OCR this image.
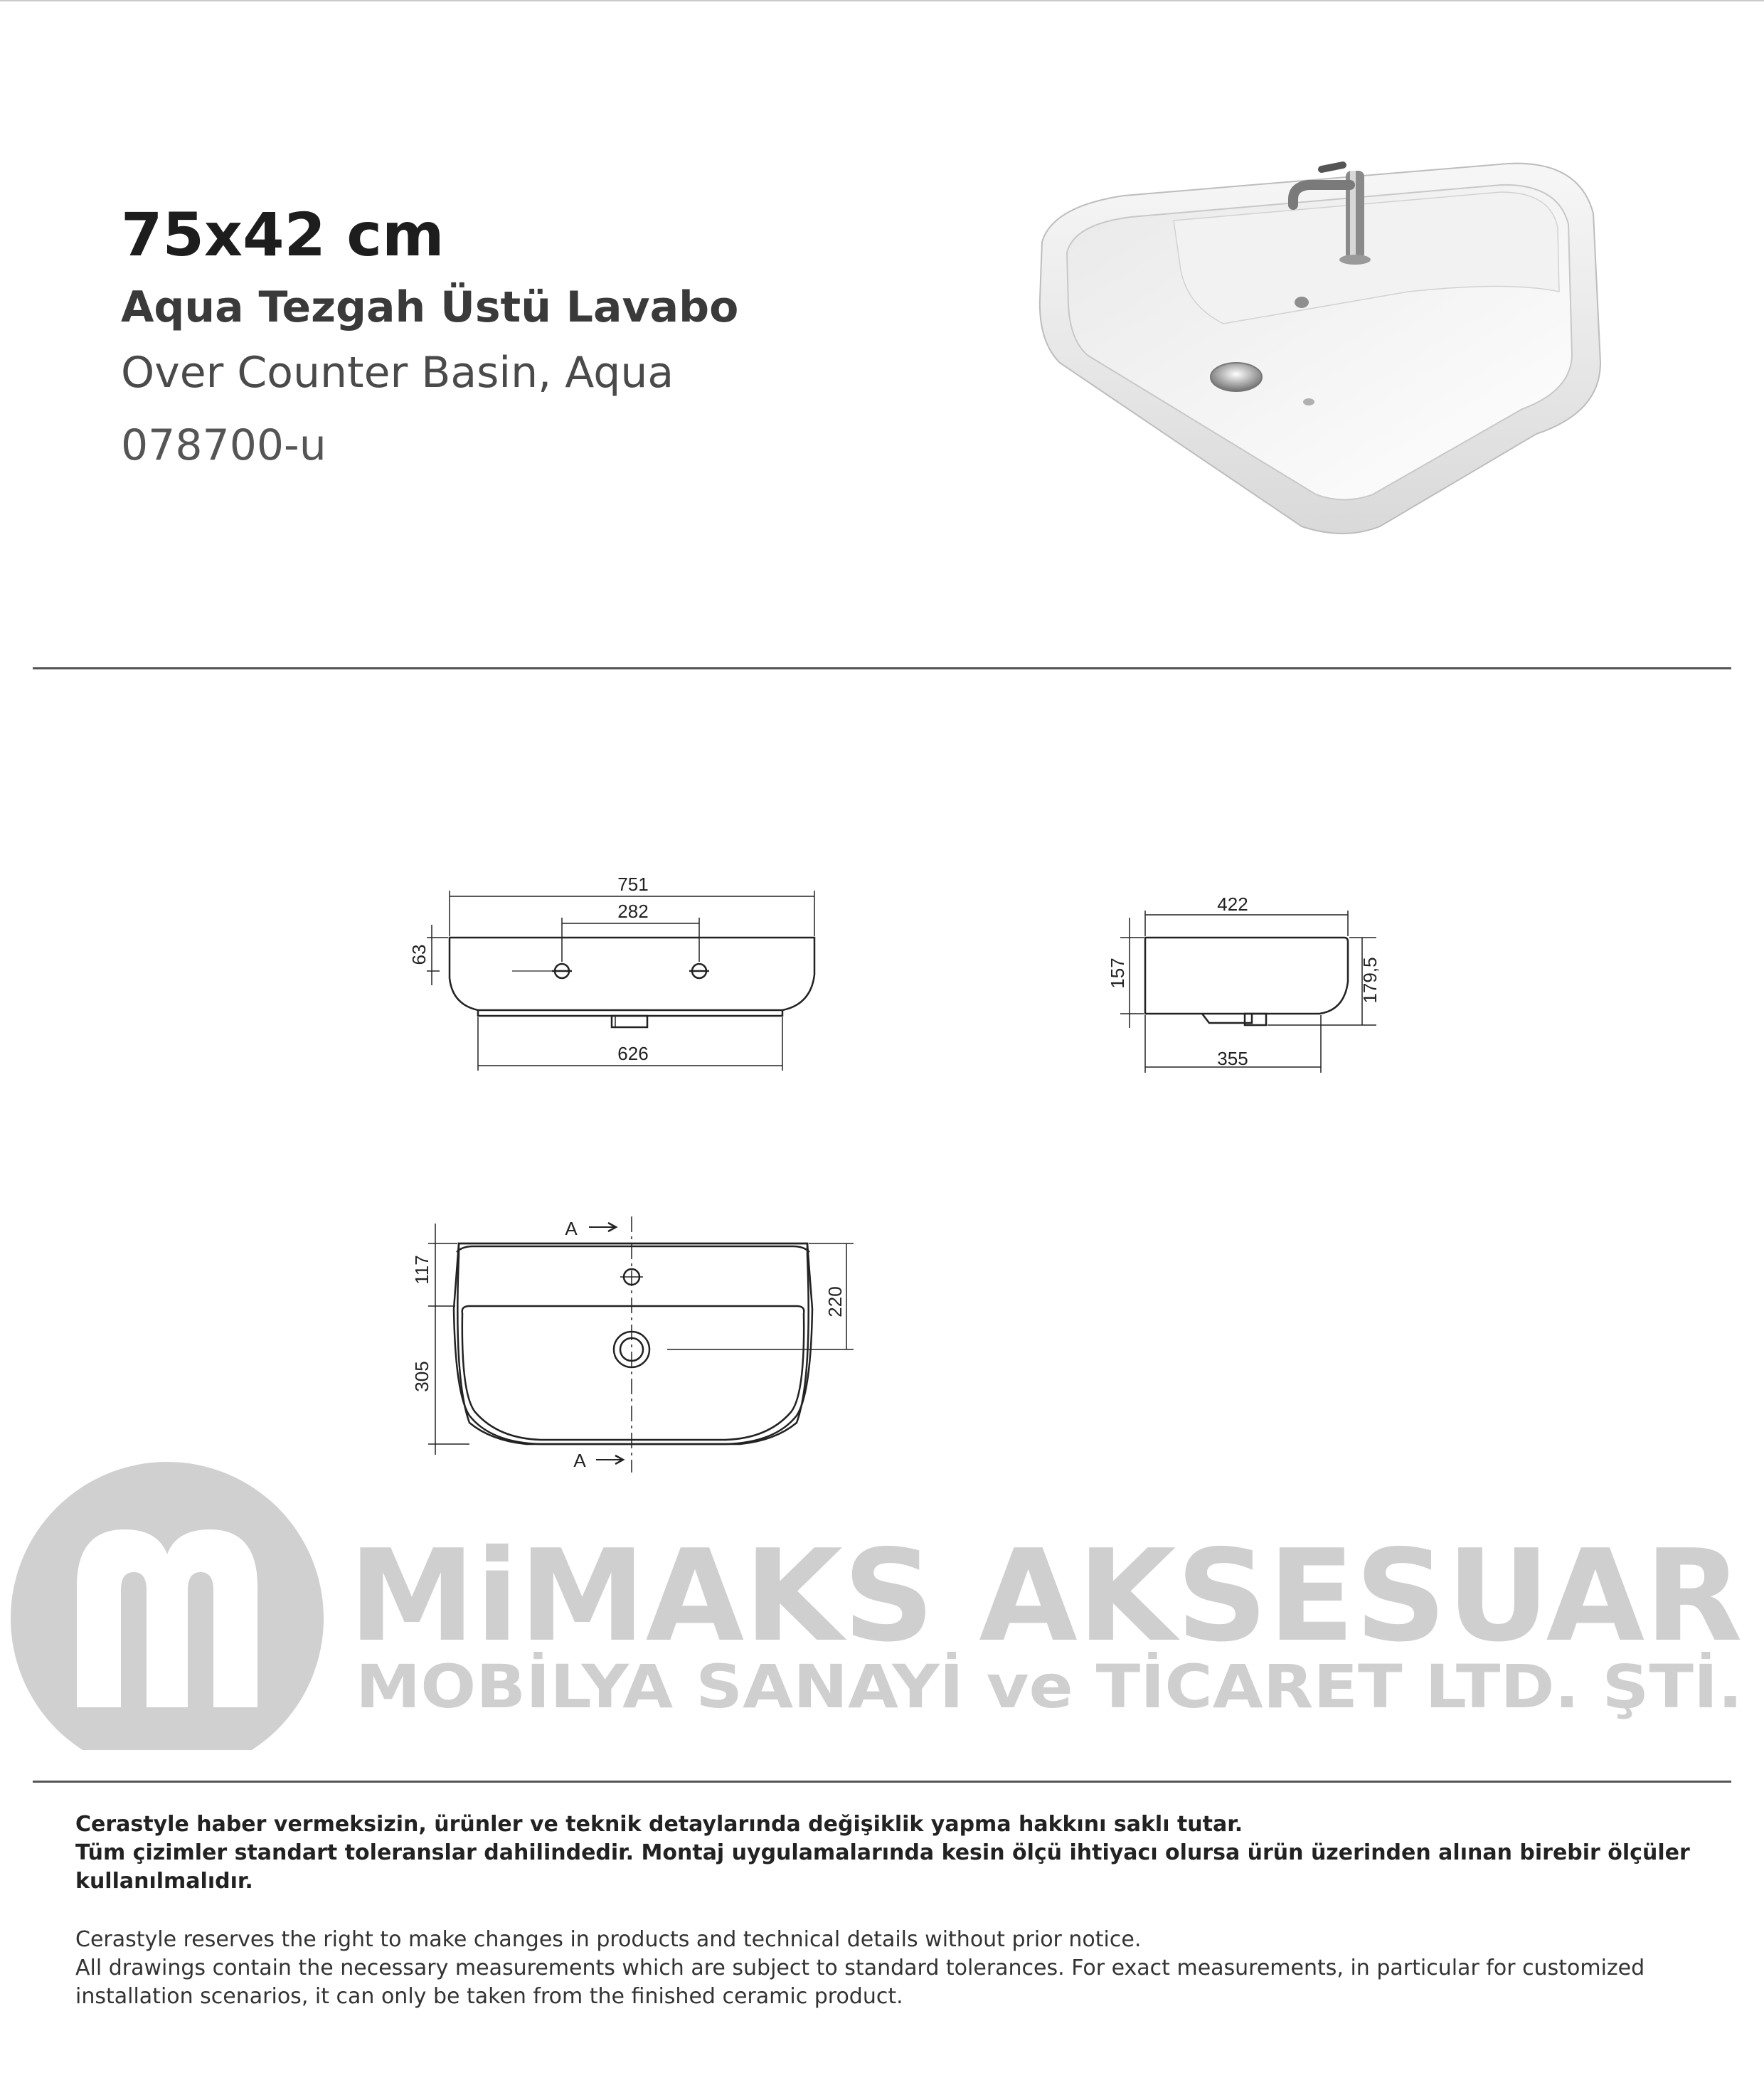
75x42 cm

Aqua Tezgah Üstü Lavabo

Over Counter Basin, Aqua

078700-u

751
282
63
626
422
157	179,5
355
A
A
117
305
220
MiMAKS AKSESUAR
MOBİLYA SANAYİ ve TİCARET LTD. ŞTİ.

Cerastyle haber vermeksizin, ürünler ve teknik detaylarında değişiklik yapma hakkını saklı tutar.

Tüm çizimler standart toleranslar dahilindedir. Montaj uygulamalarında kesin ölçü ihtiyacı olursa ürün üzerinden alınan birebir ölçüler kullanılmalıdır.

Cerastyle reserves the right to make changes in products and technical details without prior notice.

All drawings contain the necessary measurements which are subject to standard tolerances. For exact measurements, in particular for customized

installation scenarios, it can only be taken from the finished ceramic product.
